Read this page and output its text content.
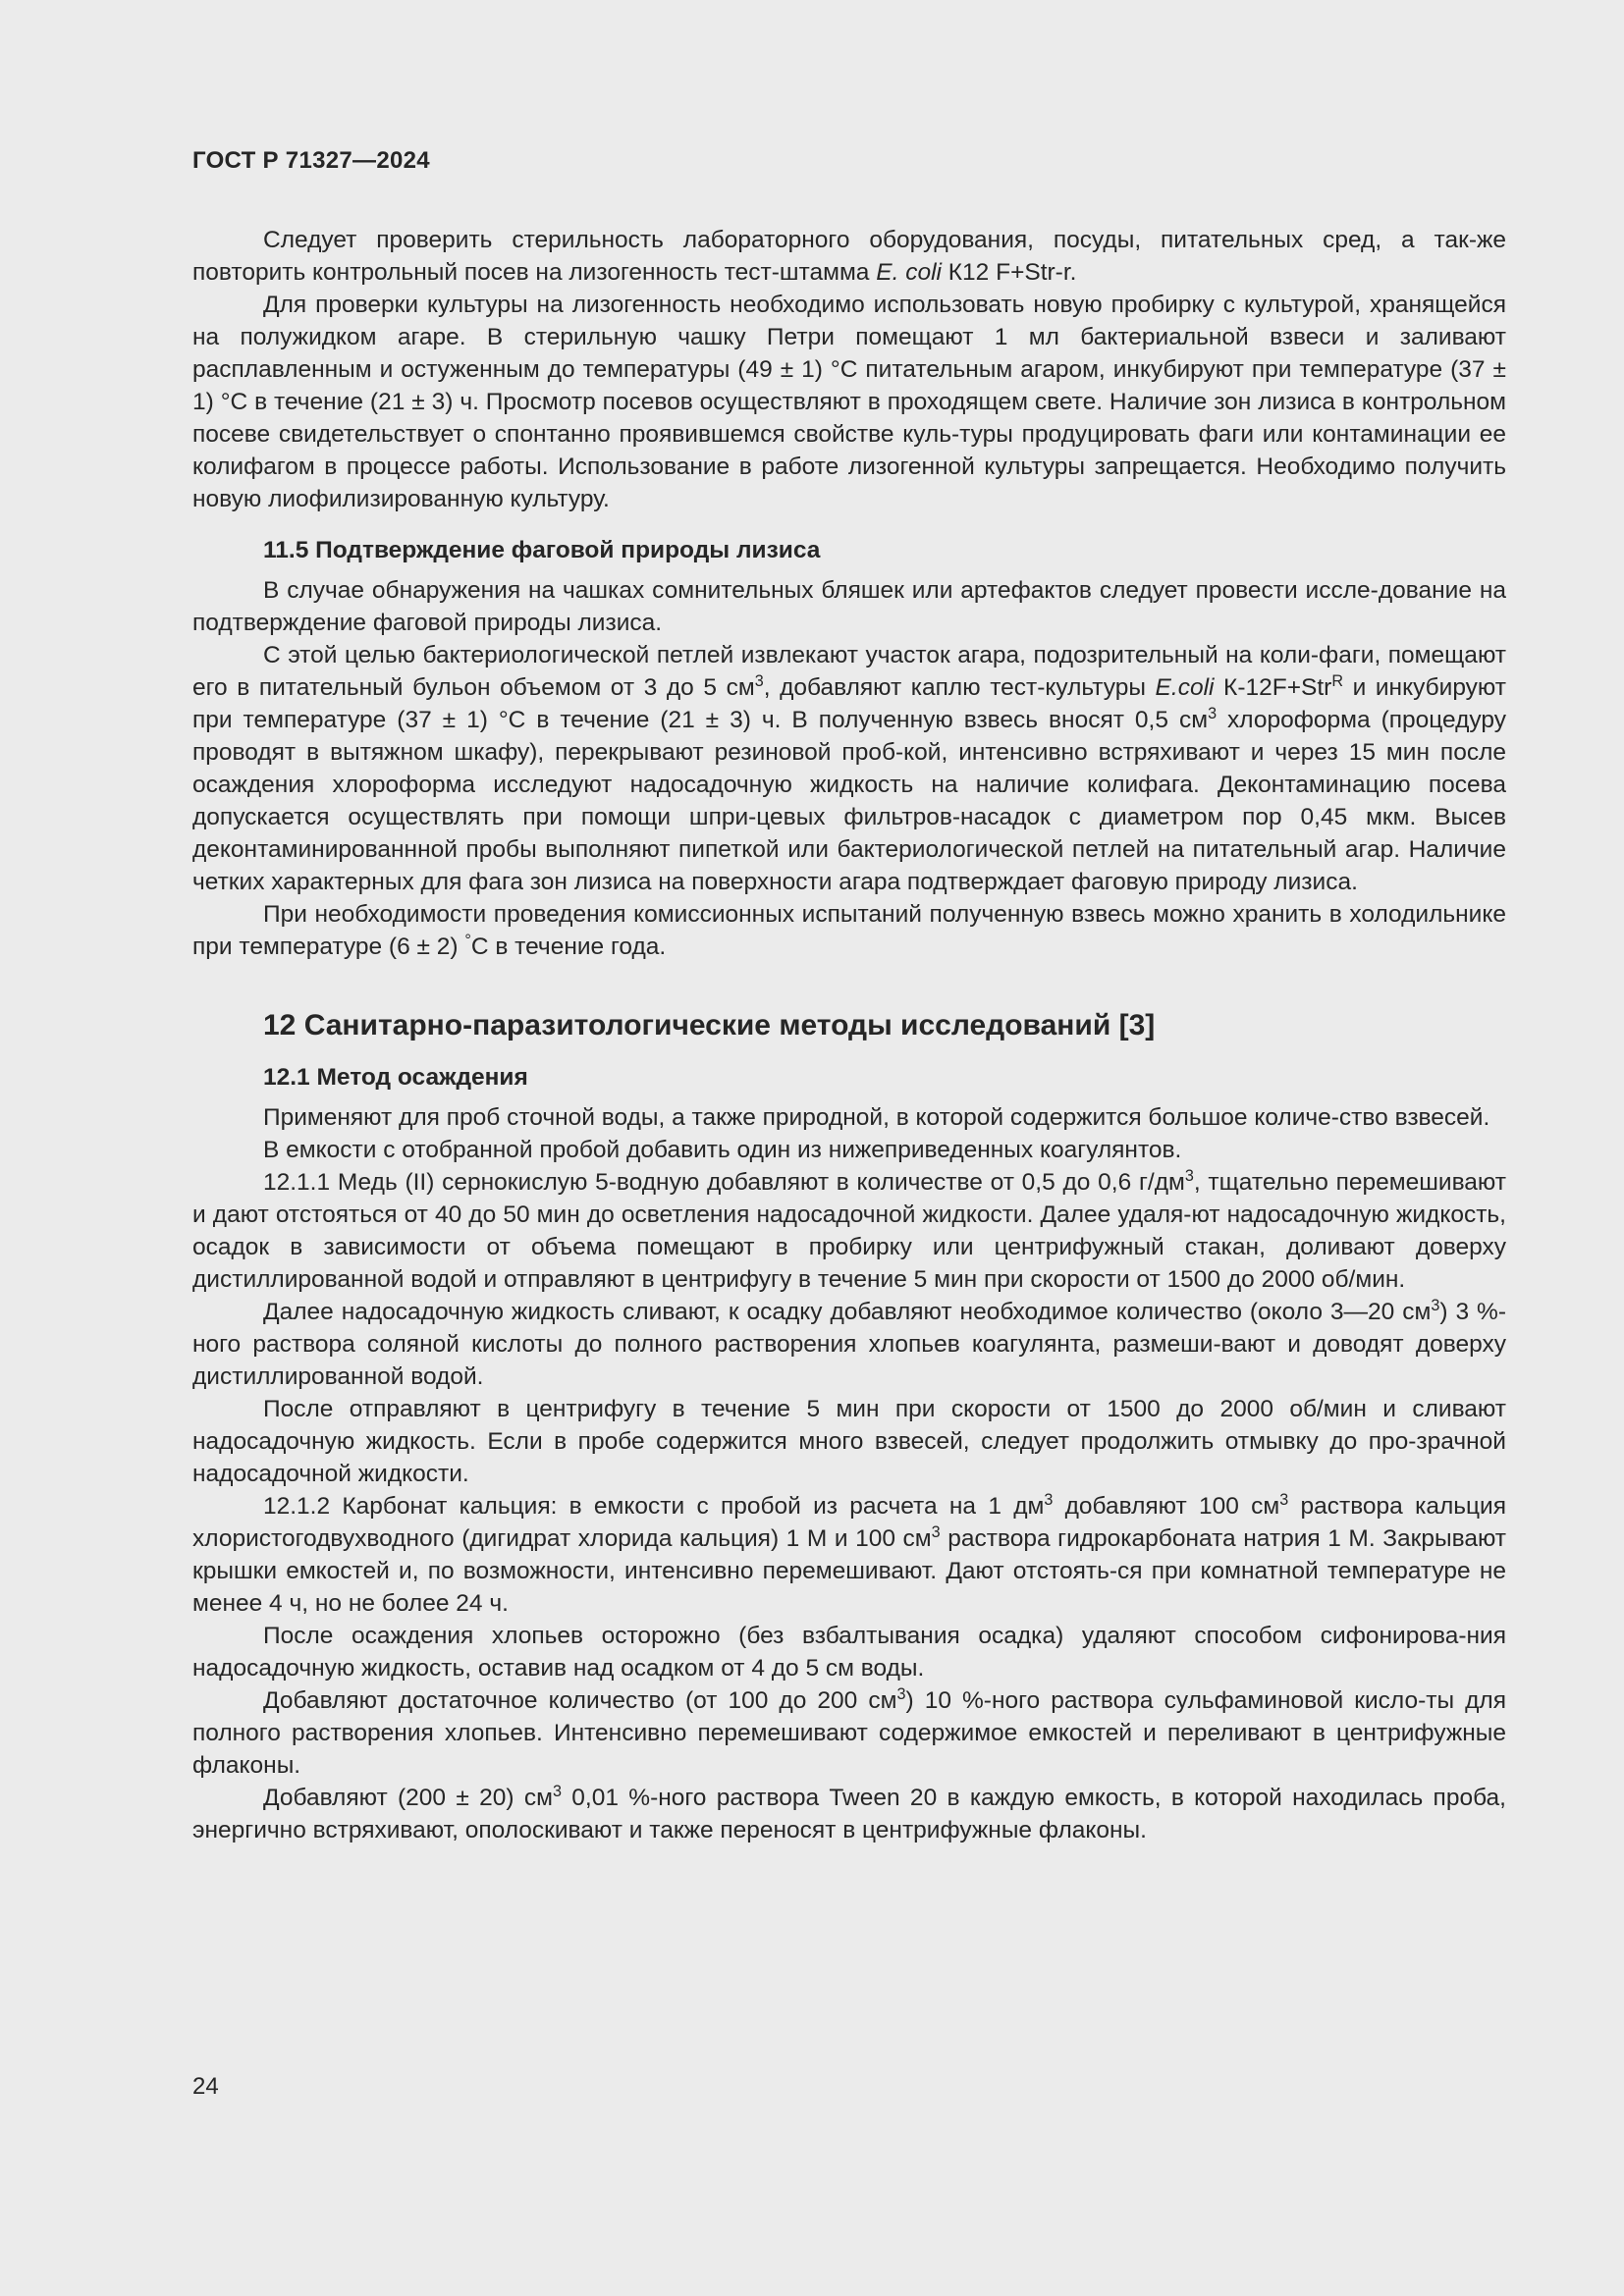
ГОСТ Р 71327—2024

Следует проверить стерильность лабораторного оборудования, посуды, питательных сред, а так-же повторить контрольный посев на лизогенность тест-штамма E. coli К12 F+Str-r.

Для проверки культуры на лизогенность необходимо использовать новую пробирку с культурой, хранящейся на полужидком агаре. В стерильную чашку Петри помещают 1 мл бактериальной взвеси и заливают расплавленным и остуженным до температуры (49 ± 1) °С питательным агаром, инкубируют при температуре (37 ± 1) °С в течение (21 ± 3) ч. Просмотр посевов осуществляют в проходящем свете. Наличие зон лизиса в контрольном посеве свидетельствует о спонтанно проявившемся свойстве куль-туры продуцировать фаги или контаминации ее колифагом в процессе работы. Использование в работе лизогенной культуры запрещается. Необходимо получить новую лиофилизированную культуру.

11.5 Подтверждение фаговой природы лизиса

В случае обнаружения на чашках сомнительных бляшек или артефактов следует провести иссле-дование на подтверждение фаговой природы лизиса.

С этой целью бактериологической петлей извлекают участок агара, подозрительный на коли-фаги, помещают его в питательный бульон объемом от 3 до 5 $см^3$, добавляют каплю тест-культуры E.coli К-12F+Str$^R$ и инкубируют при температуре (37 ± 1) °С в течение (21 ± 3) ч. В полученную взвесь вносят 0,5 $см^3$ хлороформа (процедуру проводят в вытяжном шкафу), перекрывают резиновой проб-кой, интенсивно встряхивают и через 15 мин после осаждения хлороформа исследуют надосадочную жидкость на наличие колифага. Деконтаминацию посева допускается осуществлять при помощи шпри-цевых фильтров-насадок с диаметром пор 0,45 мкм. Высев деконтаминированнной пробы выполняют пипеткой или бактериологической петлей на питательный агар. Наличие четких характерных для фага зон лизиса на поверхности агара подтверждает фаговую природу лизиса.

При необходимости проведения комиссионных испытаний полученную взвесь можно хранить в холодильнике при температуре (6 ± 2) °С в течение года.

12 Санитарно-паразитологические методы исследований [3]
12.1 Метод осаждения

Применяют для проб сточной воды, а также природной, в которой содержится большое количе-ство взвесей.

В емкости с отобранной пробой добавить один из нижеприведенных коагулянтов.

12.1.1 Медь (II) сернокислую 5-водную добавляют в количестве от 0,5 до 0,6 $г/дм^3$, тщательно перемешивают и дают отстояться от 40 до 50 мин до осветления надосадочной жидкости. Далее удаля-ют надосадочную жидкость, осадок в зависимости от объема помещают в пробирку или центрифужный стакан, доливают доверху дистиллированной водой и отправляют в центрифугу в течение 5 мин при скорости от 1500 до 2000 об/мин.

Далее надосадочную жидкость сливают, к осадку добавляют необходимое количество (около 3—20 $см^3$) 3 %-ного раствора соляной кислоты до полного растворения хлопьев коагулянта, размеши-вают и доводят доверху дистиллированной водой.

После отправляют в центрифугу в течение 5 мин при скорости от 1500 до 2000 об/мин и сливают надосадочную жидкость. Если в пробе содержится много взвесей, следует продолжить отмывку до про-зрачной надосадочной жидкости.

12.1.2 Карбонат кальция: в емкости с пробой из расчета на 1 $дм^3$ добавляют 100 $см^3$ раствора кальция хлористогодвухводного (дигидрат хлорида кальция) 1 М и 100 $см^3$ раствора гидрокарбоната натрия 1 М. Закрывают крышки емкостей и, по возможности, интенсивно перемешивают. Дают отстоять-ся при комнатной температуре не менее 4 ч, но не более 24 ч.

После осаждения хлопьев осторожно (без взбалтывания осадка) удаляют способом сифонирова-ния надосадочную жидкость, оставив над осадком от 4 до 5 см воды.

Добавляют достаточное количество (от 100 до 200 $см^3$) 10 %-ного раствора сульфаминовой кисло-ты для полного растворения хлопьев. Интенсивно перемешивают содержимое емкостей и переливают в центрифужные флаконы.

Добавляют (200 ± 20) $см^3$ 0,01 %-ного раствора Tween 20 в каждую емкость, в которой находилась проба, энергично встряхивают, ополоскивают и также переносят в центрифужные флаконы.

24
